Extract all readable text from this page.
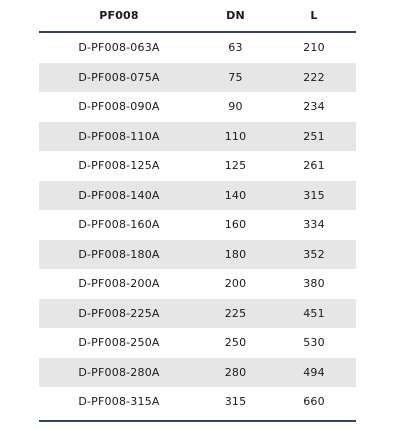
PF008	DN	L
D-PF008-063A	63	210
D-PF008-075A	75	222
D-PF008-090A	90	234
D-PF008-110A	110	251
D-PF008-125A	125	261
D-PF008-140A	140	315
D-PF008-160A	160	334
D-PF008-180A	180	352
D-PF008-200A	200	380
D-PF008-225A	225	451
D-PF008-250A	250	530
D-PF008-280A	280	494
D-PF008-315A	315	660
